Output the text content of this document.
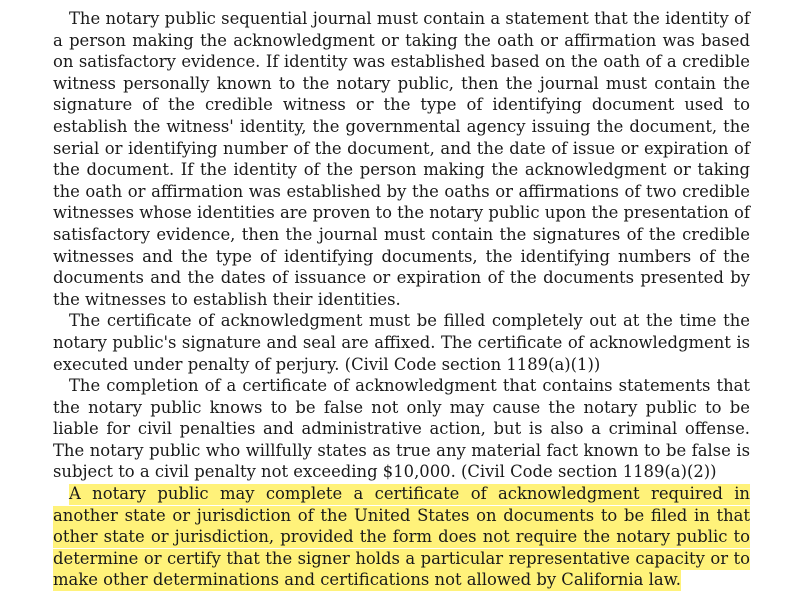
The notary public sequential journal must contain a statement that the identity of a person making the acknowledgment or taking the oath or affirmation was based on satisfactory evidence. If identity was established based on the oath of a credible witness personally known to the notary public, then the journal must contain the signature of the credible witness or the type of identifying document used to establish the witness' identity, the governmental agency issuing the document, the serial or identifying number of the document, and the date of issue or expiration of the document. If the identity of the person making the acknowledgment or taking the oath or affirmation was established by the oaths or affirmations of two credible witnesses whose identities are proven to the notary public upon the presentation of satisfactory evidence, then the journal must contain the signatures of the credible witnesses and the type of identifying documents, the identifying numbers of the documents and the dates of issuance or expiration of the documents presented by the witnesses to establish their identities.

The certificate of acknowledgment must be filled completely out at the time the notary public's signature and seal are affixed. The certificate of acknowledgment is executed under penalty of perjury. (Civil Code section 1189(a)(1))

The completion of a certificate of acknowledgment that contains statements that the notary public knows to be false not only may cause the notary public to be liable for civil penalties and administrative action, but is also a criminal offense. The notary public who willfully states as true any material fact known to be false is subject to a civil penalty not exceeding $10,000. (Civil Code section 1189(a)(2))

A notary public may complete a certificate of acknowledgment required in another state or jurisdiction of the United States on documents to be filed in that other state or jurisdiction, provided the form does not require the notary public to determine or certify that the signer holds a particular representative capacity or to make other determinations and certifications not allowed by California law.
